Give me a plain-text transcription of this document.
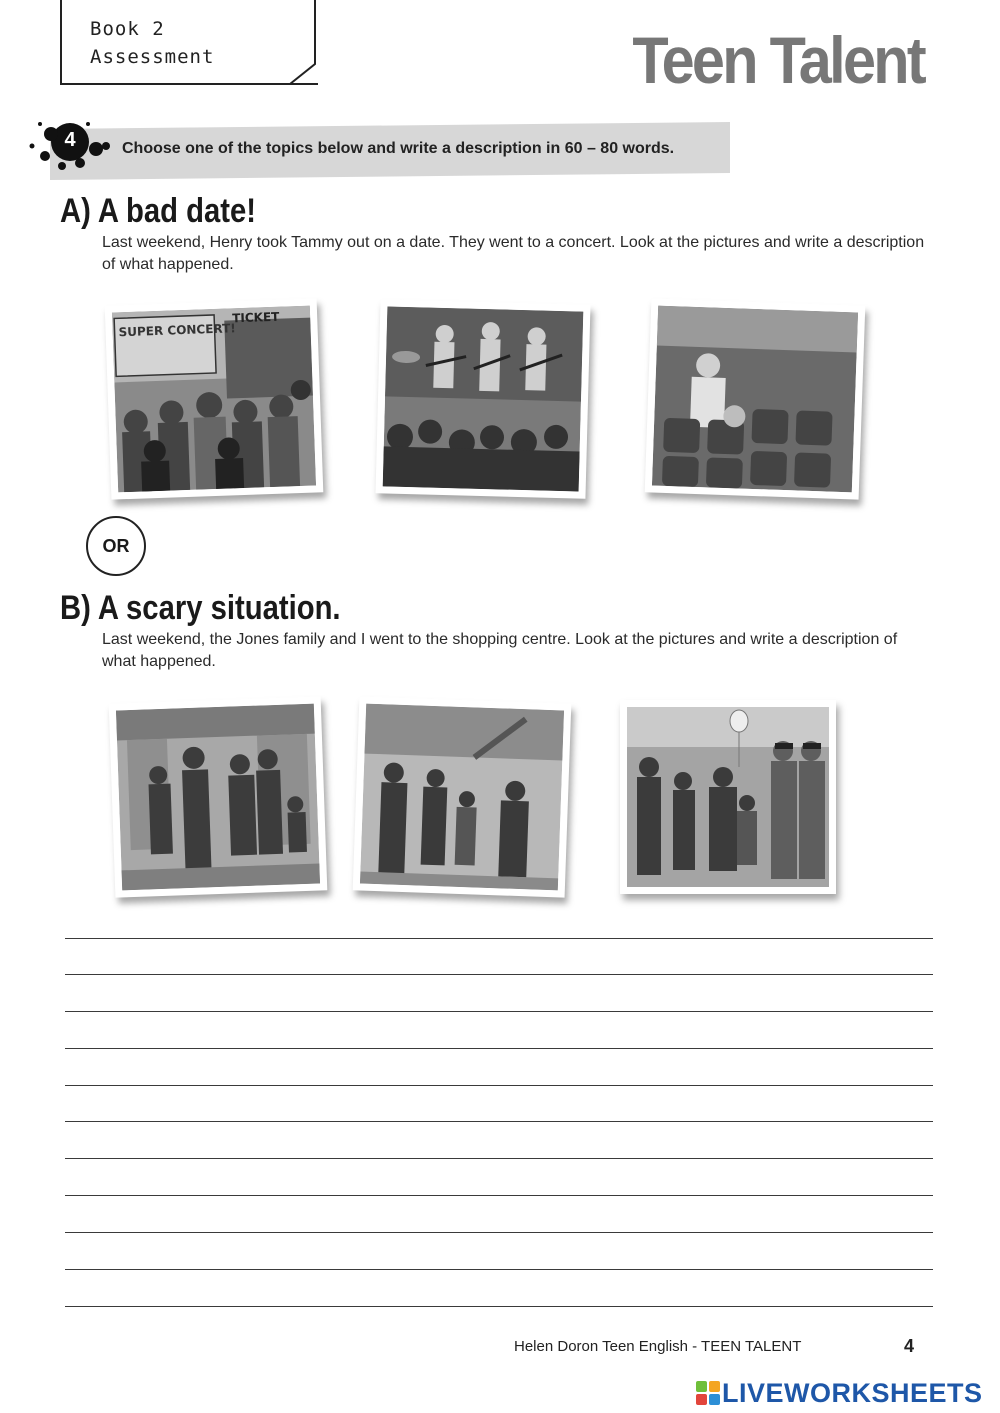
Book 2
Assessment	Teen Talent
4	Choose one of the topics below and write a description in 60 – 80 words.
A) A bad date!
Last weekend, Henry took Tammy out on a date. They went to a concert. Look at the pictures and write a description of what happened.
SUPER CONCERT!
TICKET
OR
B) A scary situation.
Last weekend, the Jones family and I went to the shopping centre. Look at the pictures and write a description of what happened.
Helen Doron Teen English - TEEN TALENT	4
LIVEWORKSHEETS
